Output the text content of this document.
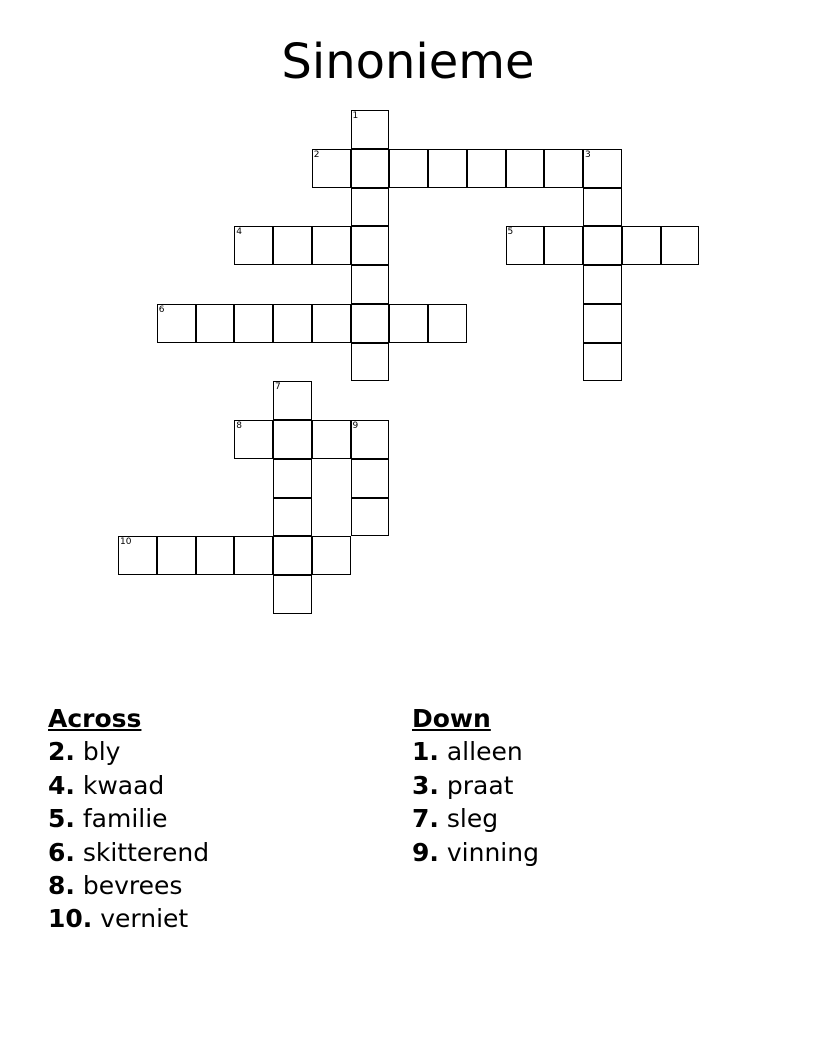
Sinonieme
1
2	3
4	5
6
7
8	9
10
Across
2. bly
4. kwaad
5. familie
6. skitterend
8. bevrees
10. verniet
Down
1. alleen
3. praat
7. sleg
9. vinning
